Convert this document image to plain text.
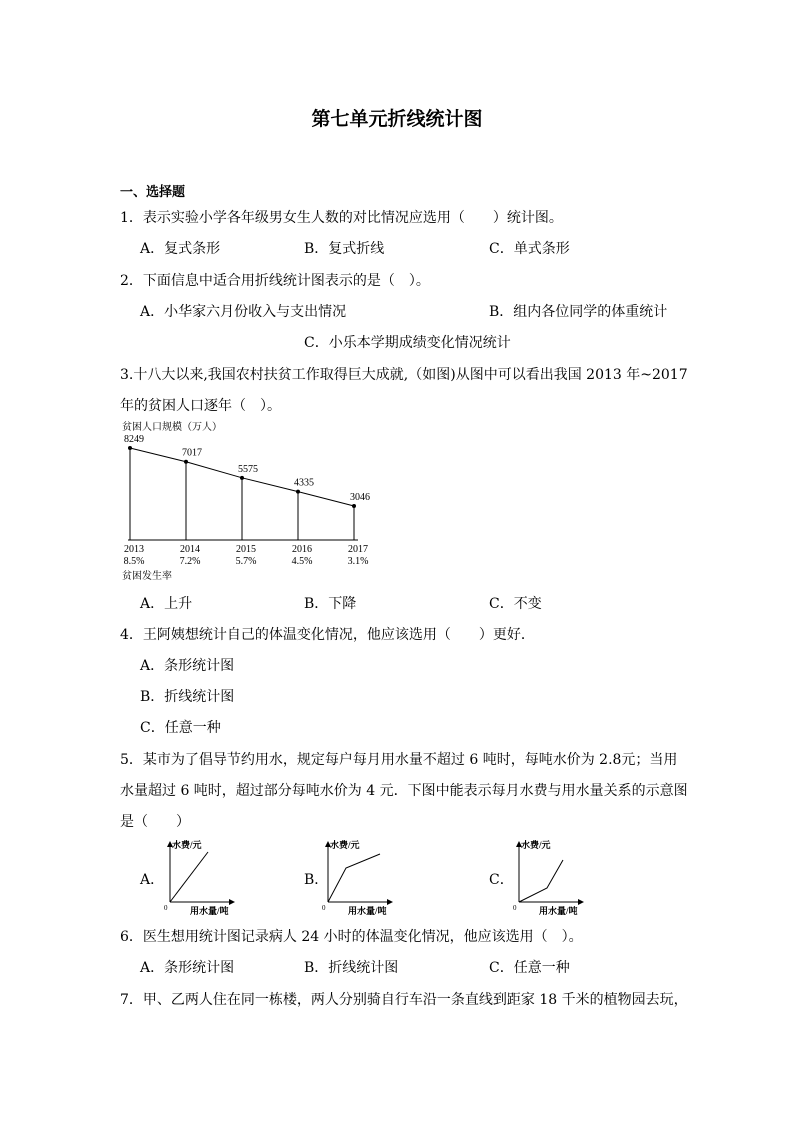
第七单元折线统计图
一、选择题
1．表示实验小学各年级男女生人数的对比情况应选用（　　）统计图。
A．复式条形	B．复式折线	C．单式条形
2．下面信息中适合用折线统计图表示的是（　）。
A．小华家六月份收入与支出情况	B．组内各位同学的体重统计
C．小乐本学期成绩变化情况统计
3.十八大以来,我国农村扶贫工作取得巨大成就,（如图)从图中可以看出我国 2013 年~2017
年的贫困人口逐年（　）。
贫困人口规模（万人）
8249
2013
8.5%
7017
2014
7.2%
5575
2015
5.7%
4335
2016
4.5%
3046
2017
3.1%
贫困发生率
A．上升	B．下降	C．不变
4．王阿姨想统计自己的体温变化情况，他应该选用（　　）更好．
A．条形统计图
B．折线统计图
C．任意一种
5．某市为了倡导节约用水，规定每户每月用水量不超过 6 吨时，每吨水价为 2.8元；当用
水量超过 6 吨时，超过部分每吨水价为 4 元．下图中能表示每月水费与用水量关系的示意图
是（　　）
A．
水费/元
0	用水量/吨
B．
水费/元
0	用水量/吨
C．
水费/元
0	用水量/吨
6．医生想用统计图记录病人 24 小时的体温变化情况，他应该选用（　）。
A．条形统计图	B．折线统计图	C．任意一种
7．甲、乙两人住在同一栋楼，两人分别骑自行车沿一条直线到距家 18 千米的植物园去玩，
